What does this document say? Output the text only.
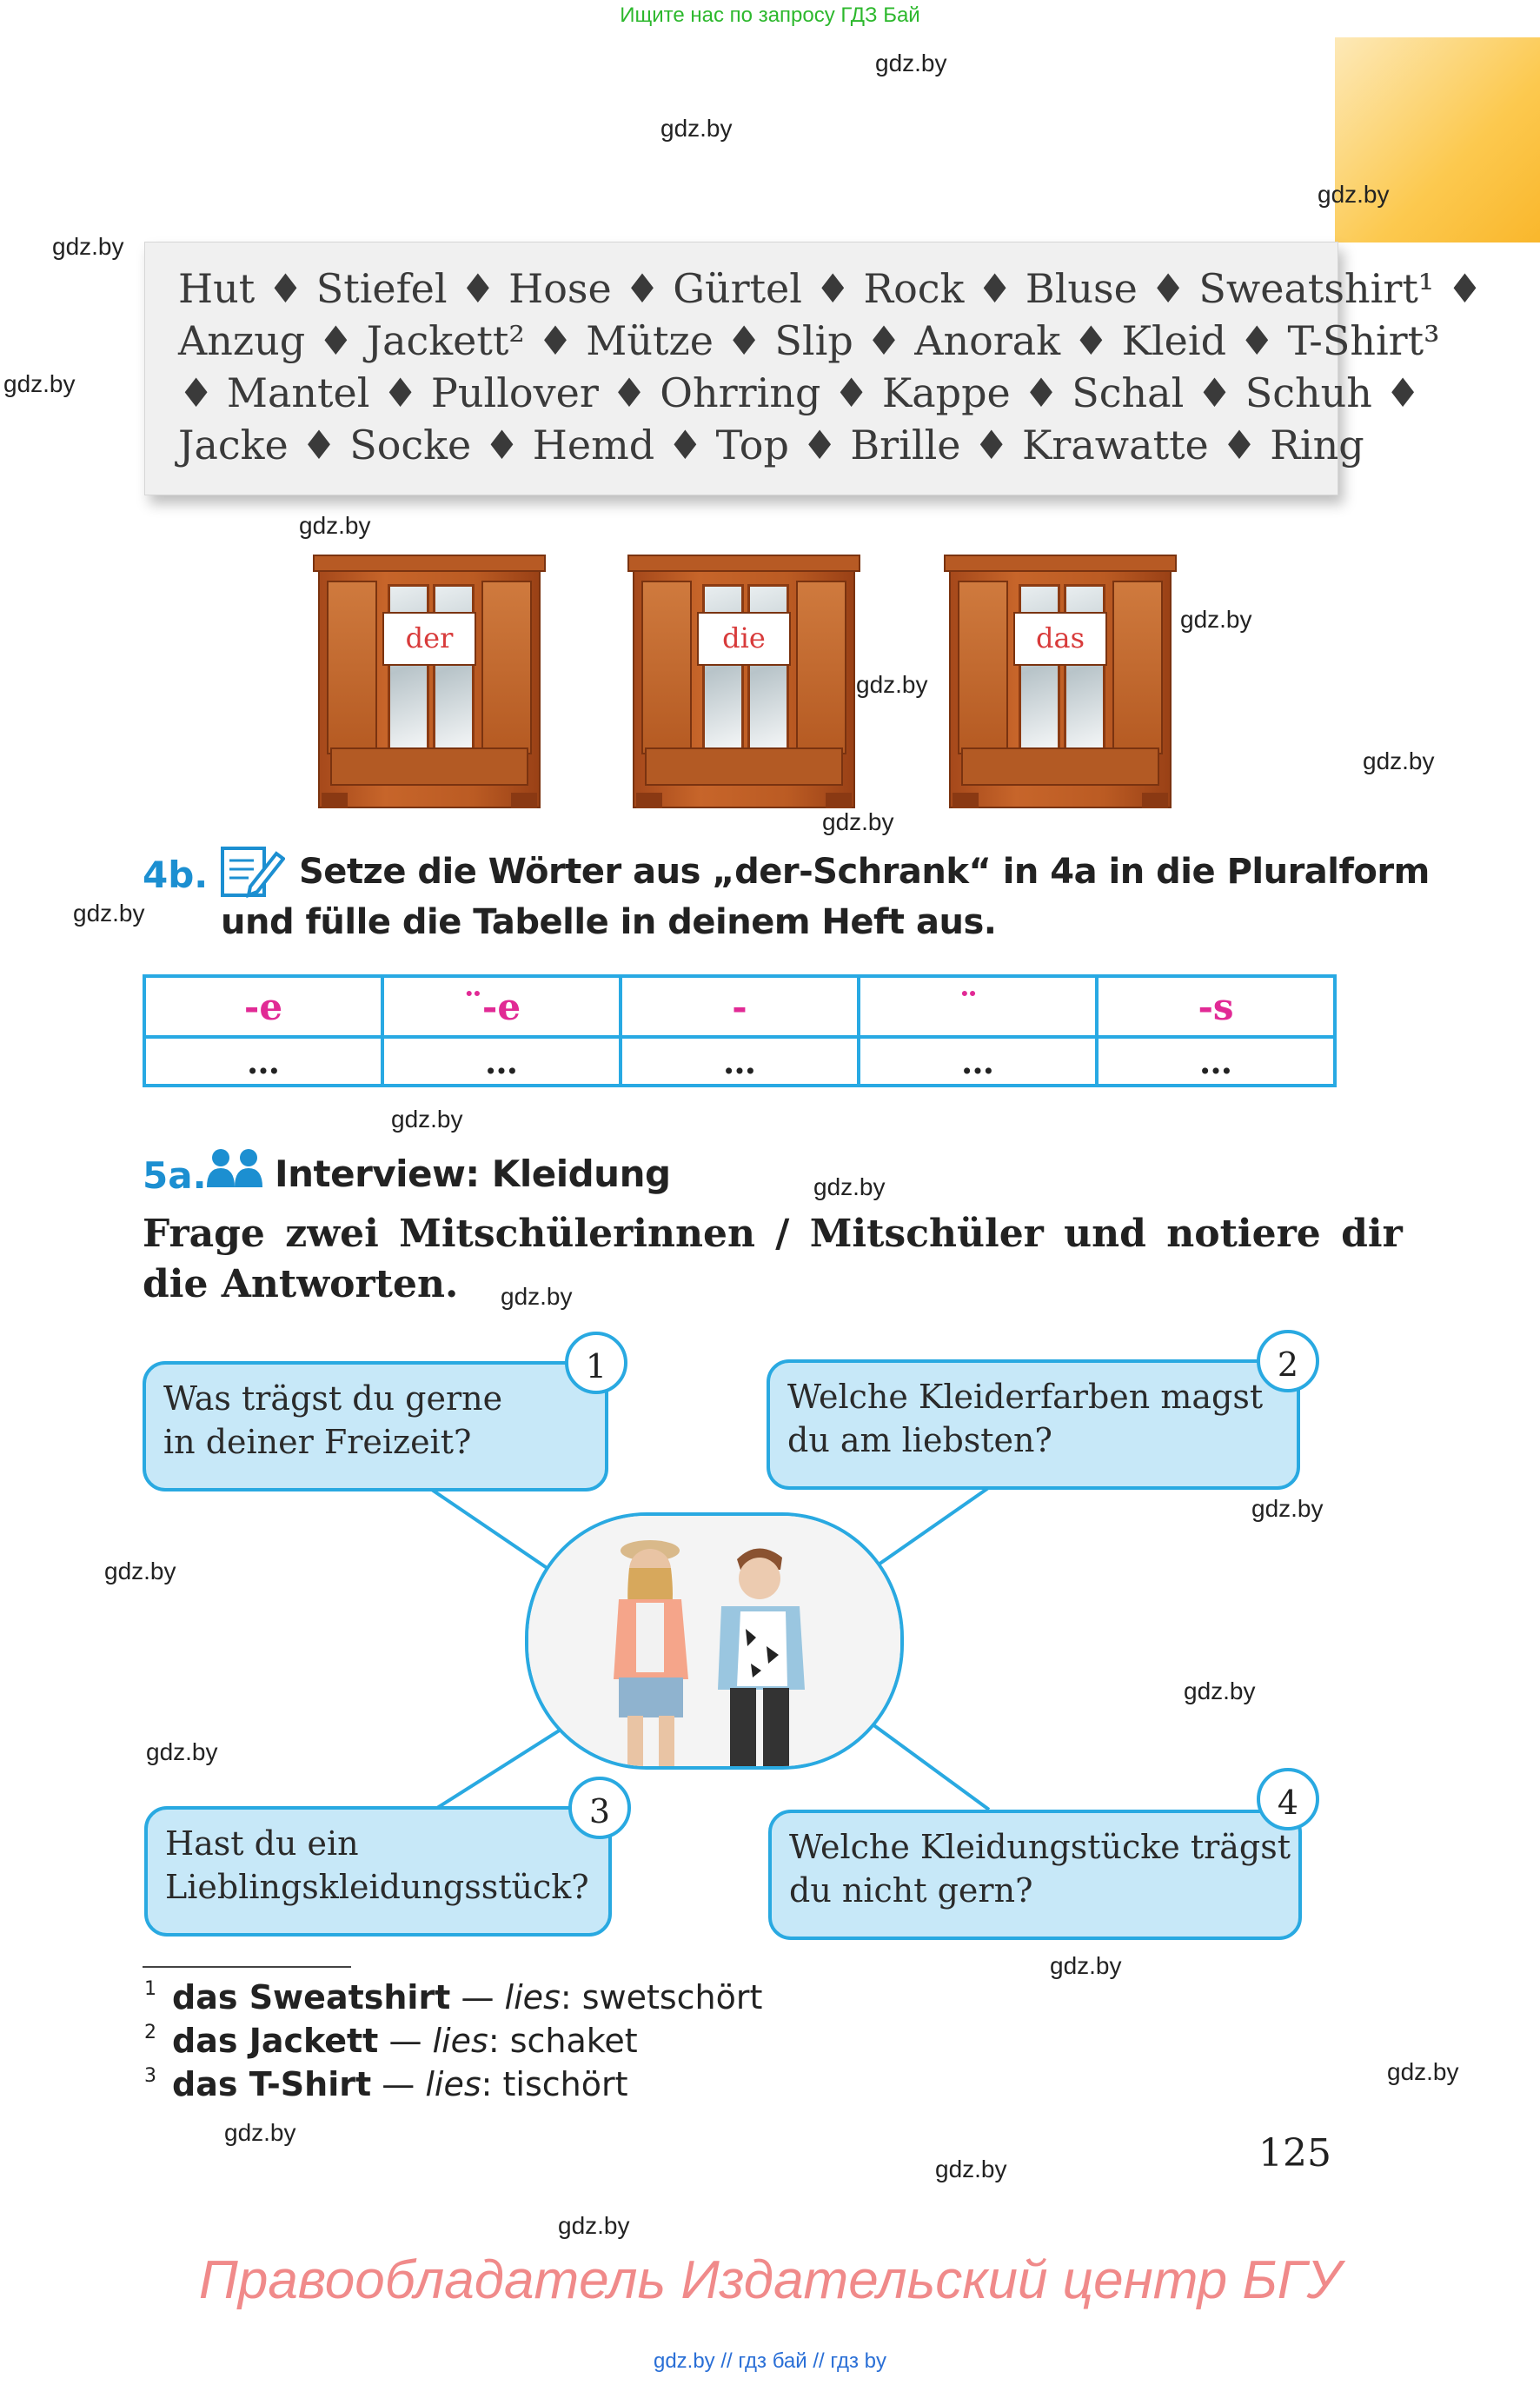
Ищите нас по запросу ГДЗ Бай
gdz.by
gdz.by
gdz.by
gdz.by
gdz.by
gdz.by
gdz.by
gdz.by
gdz.by
gdz.by
gdz.by
gdz.by
gdz.by
gdz.by
gdz.by
gdz.by
gdz.by
gdz.by
gdz.by
gdz.by
gdz.by
gdz.by
gdz.by
Hut ♦ Stiefel ♦ Hose ♦ Gürtel ♦ Rock ♦ Bluse ♦ Sweatshirt¹ ♦
Anzug ♦ Jackett² ♦ Mütze ♦ Slip ♦ Anorak ♦ Kleid ♦ T-Shirt³
♦ Mantel ♦ Pullover ♦ Ohrring ♦ Kappe ♦ Schal ♦ Schuh ♦
Jacke ♦ Socke ♦ Hemd ♦ Top ♦ Brille ♦ Krawatte ♦ Ring
der	die	das
4b.	Setze die Wörter aus „der-Schrank“ in 4a in die Pluralform
und fülle die Tabelle in deinem Heft aus.
-e	̈-e	-		-s
…	…	…	…	…
5a. Interview: Kleidung
Frage zwei Mitschülerinnen / Mitschüler und notiere dir
die Antworten.
Was trägst du gerne
in deiner Freizeit?
1
Welche Kleiderfarben magst
du am liebsten?
2
Hast du ein
Lieblingskleidungsstück?
3
Welche Kleidungstücke trägst
du nicht gern?
4
$^1$ das Sweatshirt — lies: swetschört
$^2$ das Jackett — lies: schaket
$^3$ das T-Shirt — lies: tischört
125
Правообладатель Издательский центр БГУ
gdz.by // гдз бай // гдз by
